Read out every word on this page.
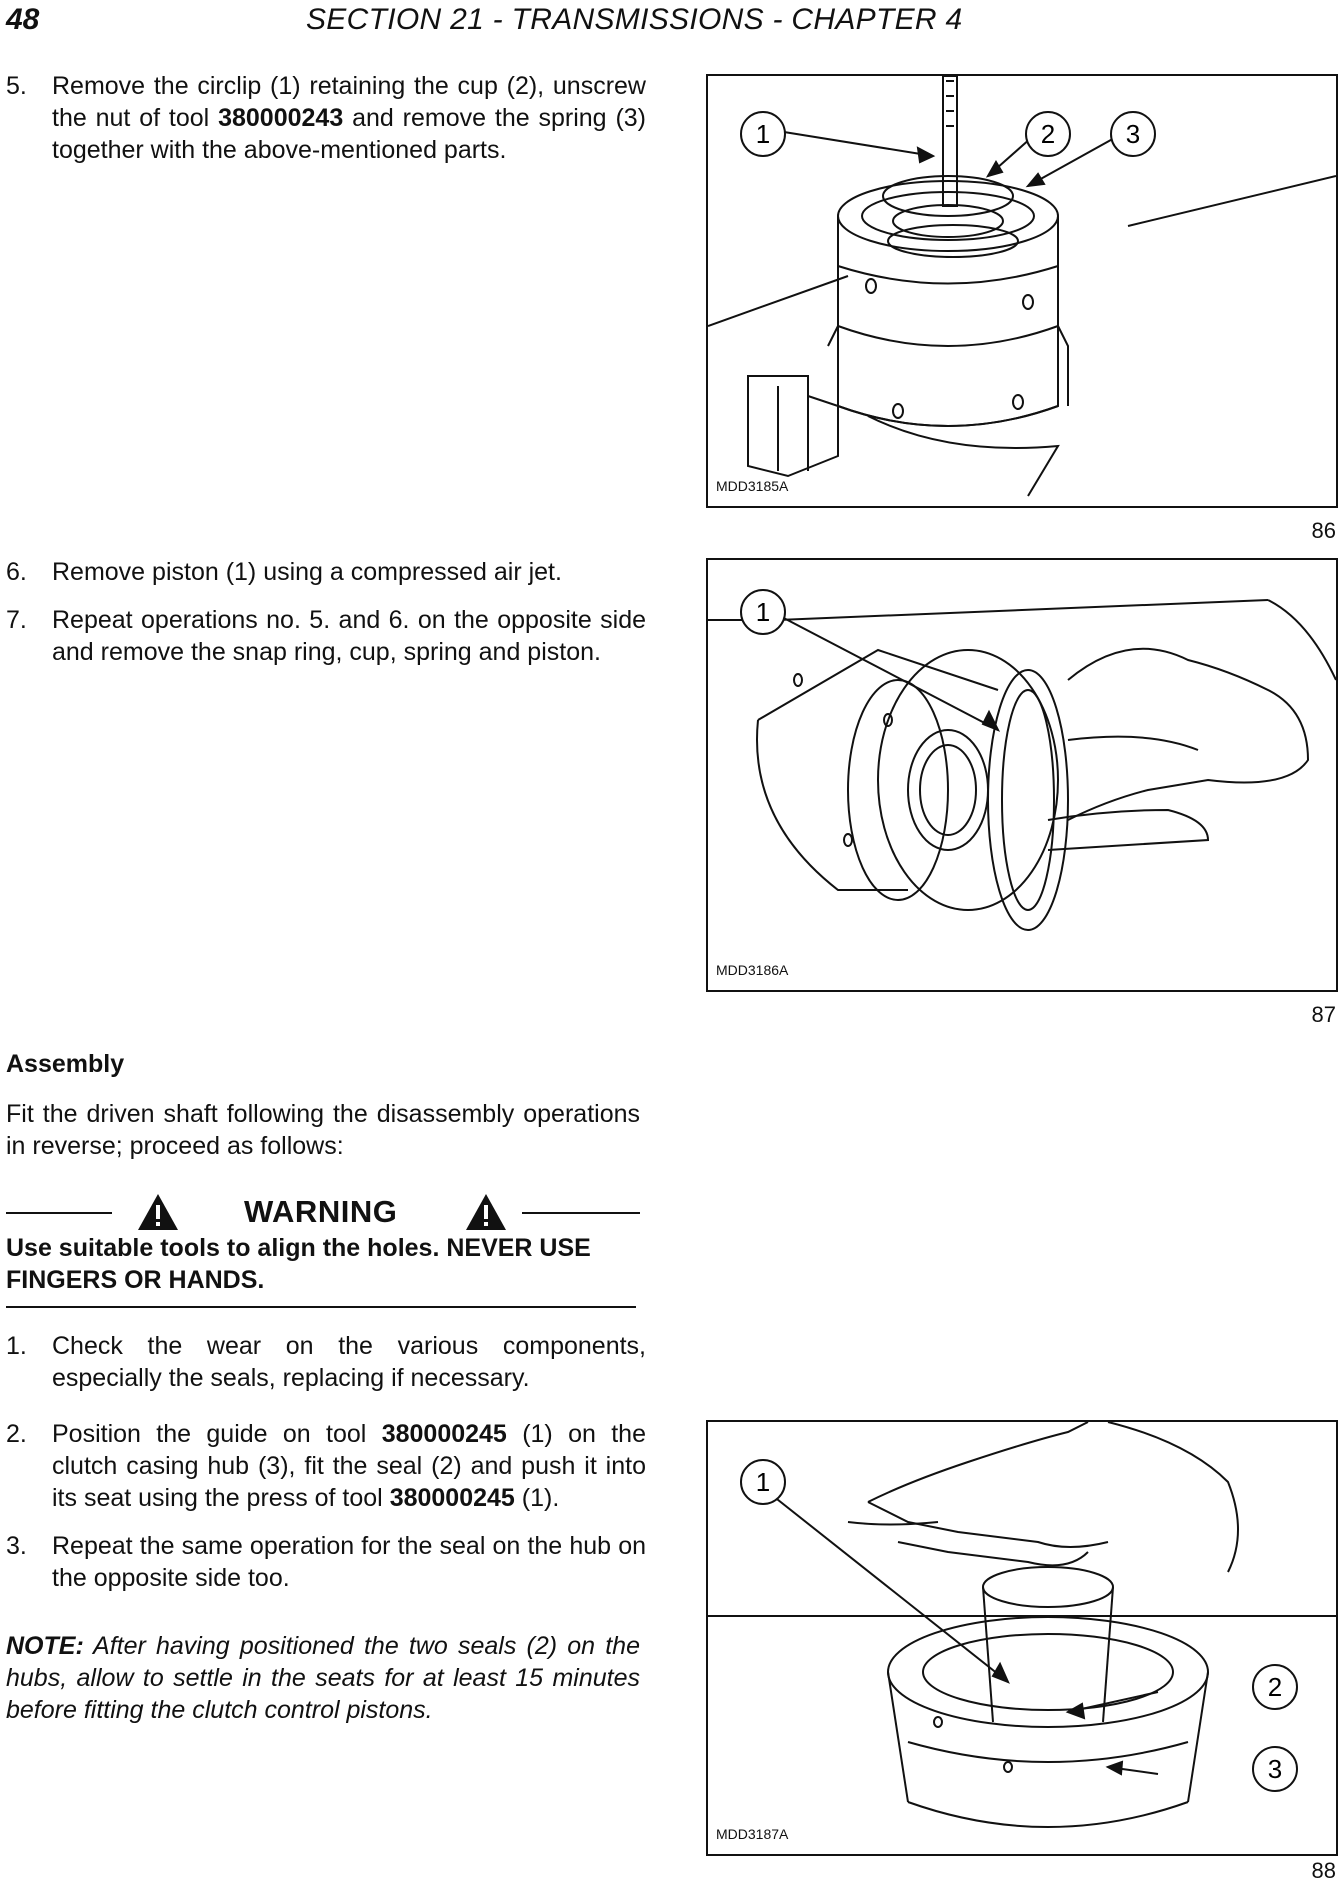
48	SECTION 21 - TRANSMISSIONS - CHAPTER 4
5.	Remove the circlip (1) retaining the cup (2), unscrew the nut of tool 380000243 and remove the spring (3) together with the above-mentioned parts.
6.	Remove piston (1) using a compressed air jet.
7.	Repeat operations no. 5. and 6. on the opposite side and remove the snap ring, cup, spring and piston.
Assembly
Fit the driven shaft following the disassembly operations in reverse; proceed as follows:
WARNING
Use suitable tools to align the holes. NEVER USE FINGERS OR HANDS.
1.	Check the wear on the various components, especially the seals, replacing if necessary.
2.	Position the guide on tool 380000245 (1) on the clutch casing hub (3), fit the seal (2) and push it into its seat using the press of tool 380000245 (1).
3.	Repeat the same operation for the seal on the hub on the opposite side too.
NOTE: After having positioned the two seals (2) on the hubs, allow to settle in the seats for at least 15 minutes before fitting the clutch control pistons.
1	2	3
MDD3185A
86
1
MDD3186A
87
1
2
3
MDD3187A
88
